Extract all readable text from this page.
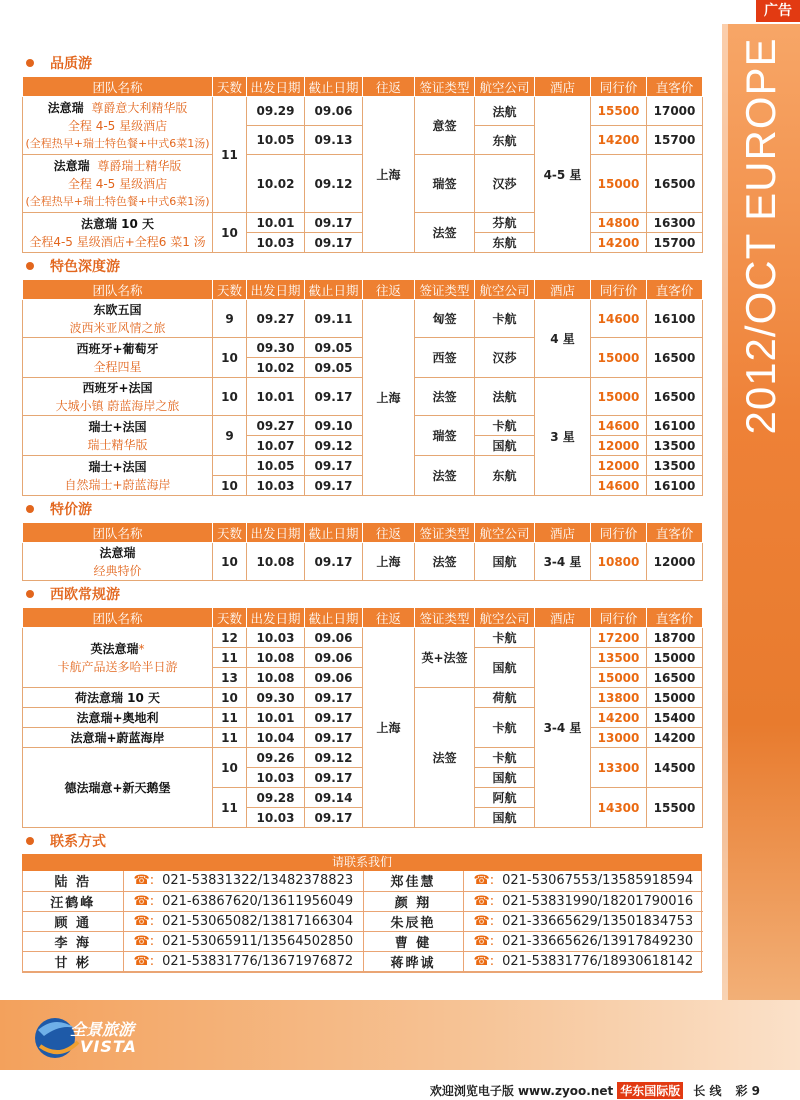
广告
2012/OCT EUROPE
品质游
团队名称	天数	出发日期	截止日期	往返	签证类型	航空公司	酒店	同行价	直客价

法意瑞 尊爵意大利精华版
全程 4-5 星级酒店
(全程热早+瑞士特色餐+中式6菜1汤)	11	09.29	09.06	上海	意签	法航	4-5 星	15500	17000
		10.05	09.13			东航		14200	15700

法意瑞 尊爵瑞士精华版
全程 4-5 星级酒店
(全程热早+瑞士特色餐+中式6菜1汤)		10.02	09.12		瑞签	汉莎		15000	16500

法意瑞 10 天
全程4-5 星级酒店+全程6 菜1 汤	10	10.01	09.17		法签	芬航		14800	16300
		10.03	09.17			东航		14200	15700
特色深度游
团队名称	天数	出发日期	截止日期	往返	签证类型	航空公司	酒店	同行价	直客价

东欧五国
波西米亚风情之旅	9	09.27	09.11	上海	匈签	卡航	4 星	14600	16100

西班牙+葡萄牙
全程四星	10	09.30	09.05		西签	汉莎		15000	16500
		10.02	09.05						

西班牙+法国
大城小镇 蔚蓝海岸之旅	10	10.01	09.17		法签	法航	3 星	15000	16500

瑞士+法国
瑞士精华版	9	09.27	09.10		瑞签	卡航		14600	16100
		10.07	09.12			国航		12000	13500

瑞士+法国
自然瑞士+蔚蓝海岸		10.05	09.17		法签	东航		12000	13500
	10	10.03	09.17					14600	16100
特价游
团队名称	天数	出发日期	截止日期	往返	签证类型	航空公司	酒店	同行价	直客价

法意瑞
经典特价	10	10.08	09.17	上海	法签	国航	3-4 星	10800	12000
西欧常规游
团队名称	天数	出发日期	截止日期	往返	签证类型	航空公司	酒店	同行价	直客价

英法意瑞*
卡航产品送多哈半日游	12	10.03	09.06	上海	英+法签	卡航	3-4 星	17200	18700
	11	10.08	09.06			国航		13500	15000
	13	10.08	09.06					15000	16500
荷法意瑞 10 天	10	09.30	09.17		法签	荷航		13800	15000
法意瑞+奥地利	11	10.01	09.17			卡航		14200	15400
法意瑞+蔚蓝海岸	11	10.04	09.17					13000	14200
德法瑞意+新天鹅堡	10	09.26	09.12			卡航		13300	14500
		10.03	09.17			国航			
	11	09.28	09.14			阿航		14300	15500
		10.03	09.17			国航			
联系方式
请联系我们
陆 浩	☎: 021-53831322/13482378823	郑佳慧	☎: 021-53067553/13585918594
汪鹤峰	☎: 021-63867620/13611956049	颜 翔	☎: 021-53831990/18201790016
顾 通	☎: 021-53065082/13817166304	朱辰艳	☎: 021-33665629/13501834753
李 海	☎: 021-53065911/13564502850	曹 健	☎: 021-33665626/13917849230
甘 彬	☎: 021-53831776/13671976872	蒋晔诚	☎: 021-53831776/18930618142
全景旅游
VISTA
欢迎浏览电子版 www.zyoo.net 华东国际版 长 线 彩 9
